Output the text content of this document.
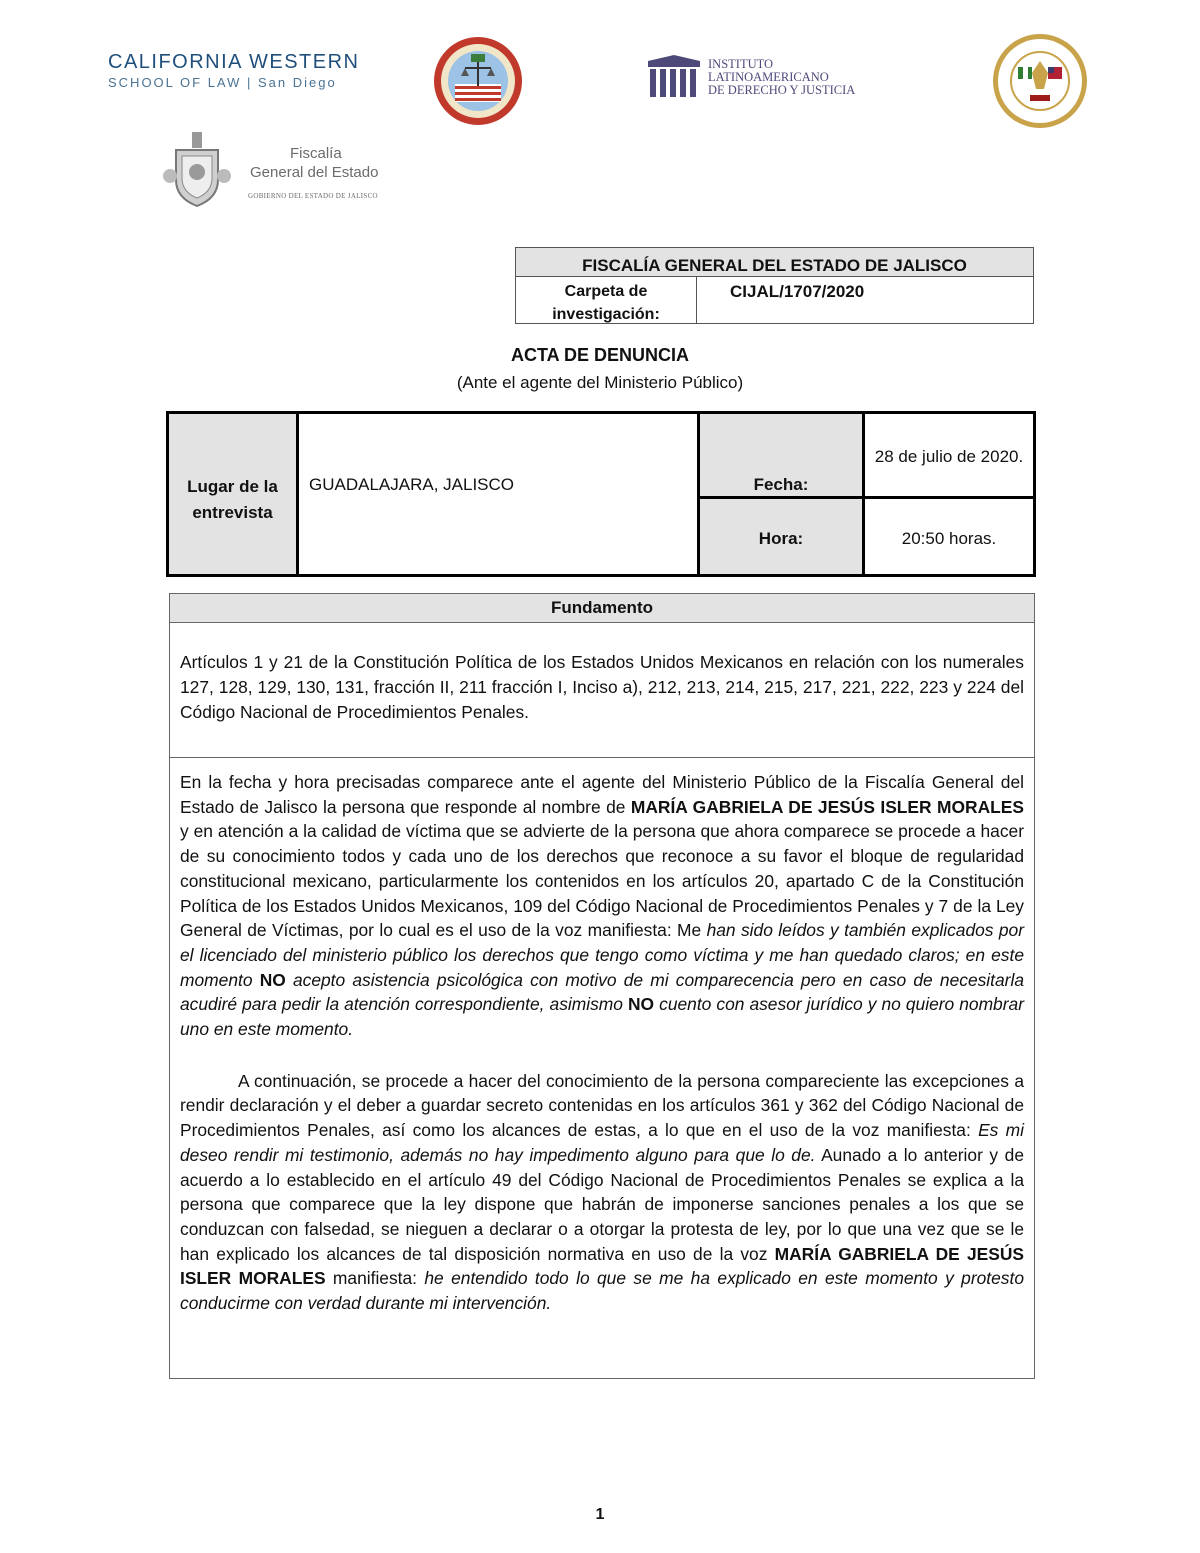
CALIFORNIA WESTERN
SCHOOL OF LAW | San Diego
INSTITUTO
LATINOAMERICANO
DE DERECHO Y JUSTICIA
Fiscalía
General del Estado
GOBIERNO DEL ESTADO DE JALISCO
FISCALÍA GENERAL DEL ESTADO DE JALISCO
Carpeta de investigación:
CIJAL/1707/2020
ACTA DE DENUNCIA
(Ante el agente del Ministerio Público)
Lugar de la entrevista
GUADALAJARA, JALISCO	Fecha:
28 de julio de 2020.
Hora:	20:50 horas.
Fundamento
Artículos 1 y 21 de la Constitución Política de los Estados Unidos Mexicanos en relación con los numerales 127, 128, 129, 130, 131, fracción II, 211 fracción I, Inciso a), 212, 213, 214, 215, 217, 221, 222, 223 y 224 del Código Nacional de Procedimientos Penales.

En la fecha y hora precisadas comparece ante el agente del Ministerio Público de la Fiscalía General del Estado de Jalisco la persona que responde al nombre de MARÍA GABRIELA DE JESÚS ISLER MORALES y en atención a la calidad de víctima que se advierte de la persona que ahora comparece se procede a hacer de su conocimiento todos y cada uno de los derechos que reconoce a su favor el bloque de regularidad constitucional mexicano, particularmente los contenidos en los artículos 20, apartado C de la Constitución Política de los Estados Unidos Mexicanos, 109 del Código Nacional de Procedimientos Penales y 7 de la Ley General de Víctimas, por lo cual es el uso de la voz manifiesta: Me han sido leídos y también explicados por el licenciado del ministerio público los derechos que tengo como víctima y me han quedado claros; en este momento NO acepto asistencia psicológica con motivo de mi comparecencia pero en caso de necesitarla acudiré para pedir la atención correspondiente, asimismo NO cuento con asesor jurídico y no quiero nombrar uno en este momento.

A continuación, se procede a hacer del conocimiento de la persona compareciente las excepciones a rendir declaración y el deber a guardar secreto contenidas en los artículos 361 y 362 del Código Nacional de Procedimientos Penales, así como los alcances de estas, a lo que en el uso de la voz manifiesta: Es mi deseo rendir mi testimonio, además no hay impedimento alguno para que lo de. Aunado a lo anterior y de acuerdo a lo establecido en el artículo 49 del Código Nacional de Procedimientos Penales se explica a la persona que comparece que la ley dispone que habrán de imponerse sanciones penales a los que se conduzcan con falsedad, se nieguen a declarar o a otorgar la protesta de ley, por lo que una vez que se le han explicado los alcances de tal disposición normativa en uso de la voz MARÍA GABRIELA DE JESÚS ISLER MORALES manifiesta: he entendido todo lo que se me ha explicado en este momento y protesto conducirme con verdad durante mi intervención.

1
